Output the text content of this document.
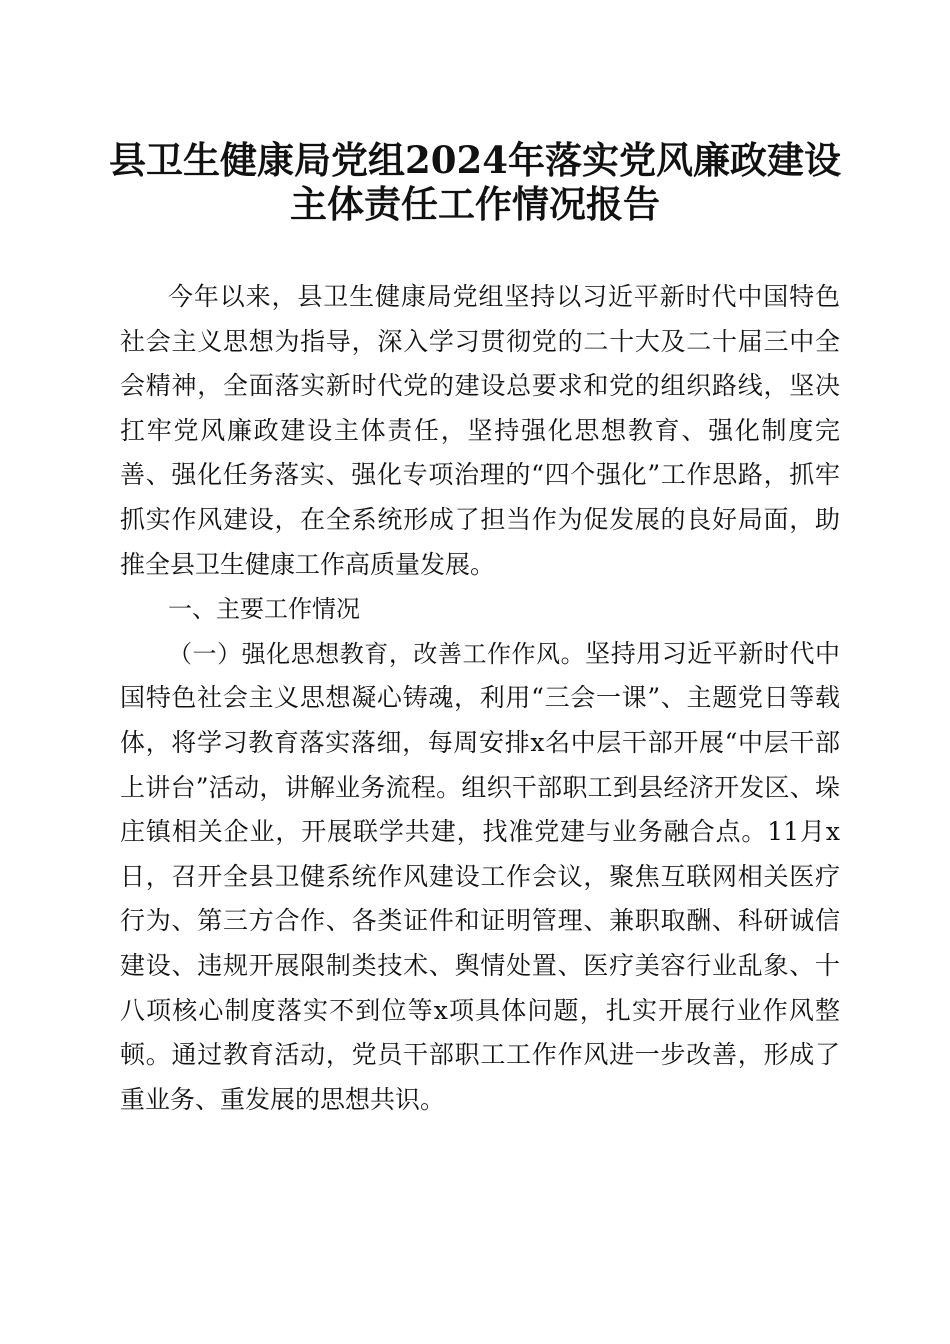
县卫生健康局党组2024年落实党风廉政建设
主体责任工作情况报告

今年以来，县卫生健康局党组坚持以习近平新时代中国特色社会主义思想为指导，深入学习贯彻党的二十大及二十届三中全会精神，全面落实新时代党的建设总要求和党的组织路线，坚决扛牢党风廉政建设主体责任，坚持强化思想教育、强化制度完善、强化任务落实、强化专项治理的“四个强化”工作思路，抓牢抓实作风建设，在全系统形成了担当作为促发展的良好局面，助推全县卫生健康工作高质量发展。

一、主要工作情况

（一）强化思想教育，改善工作作风。坚持用习近平新时代中国特色社会主义思想凝心铸魂，利用“三会一课”、主题党日等载体，将学习教育落实落细，每周安排x名中层干部开展“中层干部上讲台”活动，讲解业务流程。组织干部职工到县经济开发区、垛庄镇相关企业，开展联学共建，找准党建与业务融合点。11月x日，召开全县卫健系统作风建设工作会议，聚焦互联网相关医疗行为、第三方合作、各类证件和证明管理、兼职取酬、科研诚信建设、违规开展限制类技术、舆情处置、医疗美容行业乱象、十八项核心制度落实不到位等x项具体问题，扎实开展行业作风整顿。通过教育活动，党员干部职工工作作风进一步改善，形成了重业务、重发展的思想共识。
